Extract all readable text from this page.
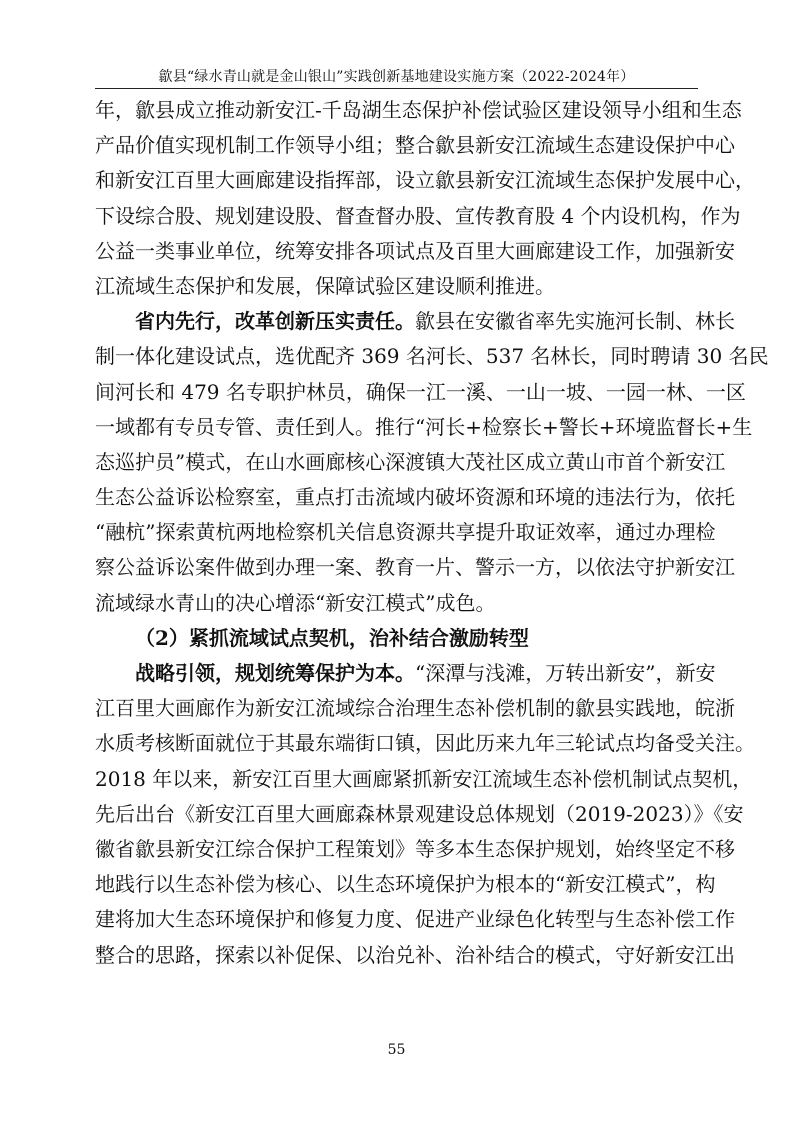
歙县“绿水青山就是金山银山”实践创新基地建设实施方案（2022-2024年）
年，歙县成立推动新安江-千岛湖生态保护补偿试验区建设领导小组和生态
产品价值实现机制工作领导小组；整合歙县新安江流域生态建设保护中心
和新安江百里大画廊建设指挥部，设立歙县新安江流域生态保护发展中心，
下设综合股、规划建设股、督查督办股、宣传教育股 4 个内设机构，作为
公益一类事业单位，统筹安排各项试点及百里大画廊建设工作，加强新安
江流域生态保护和发展，保障试验区建设顺利推进。
省内先行，改革创新压实责任。歙县在安徽省率先实施河长制、林长
制一体化建设试点，选优配齐 369 名河长、537 名林长，同时聘请 30 名民
间河长和 479 名专职护林员，确保一江一溪、一山一坡、一园一林、一区
一域都有专员专管、责任到人。推行“河长+检察长+警长+环境监督长+生
态巡护员”模式，在山水画廊核心深渡镇大茂社区成立黄山市首个新安江
生态公益诉讼检察室，重点打击流域内破坏资源和环境的违法行为，依托
“融杭”探索黄杭两地检察机关信息资源共享提升取证效率，通过办理检
察公益诉讼案件做到办理一案、教育一片、警示一方，以依法守护新安江
流域绿水青山的决心增添“新安江模式”成色。
（2）紧抓流域试点契机，治补结合激励转型
战略引领，规划统筹保护为本。“深潭与浅滩，万转出新安”，新安
江百里大画廊作为新安江流域综合治理生态补偿机制的歙县实践地，皖浙
水质考核断面就位于其最东端街口镇，因此历来九年三轮试点均备受关注。
2018 年以来，新安江百里大画廊紧抓新安江流域生态补偿机制试点契机，
先后出台《新安江百里大画廊森林景观建设总体规划（2019-2023）》《安
徽省歙县新安江综合保护工程策划》等多本生态保护规划，始终坚定不移
地践行以生态补偿为核心、以生态环境保护为根本的“新安江模式”，构
建将加大生态环境保护和修复力度、促进产业绿色化转型与生态补偿工作
整合的思路，探索以补促保、以治兑补、治补结合的模式，守好新安江出
55
